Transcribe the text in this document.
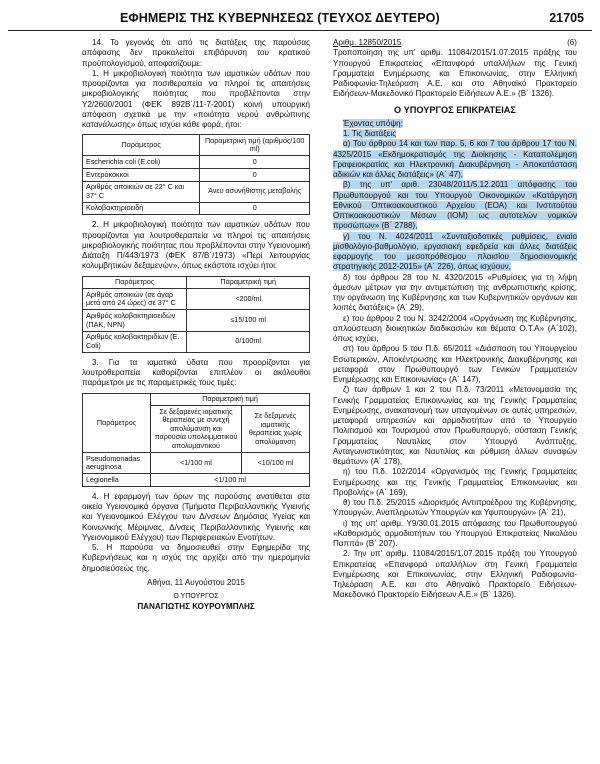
ΕΦΗΜΕΡΙΣ ΤΗΣ ΚΥΒΕΡΝΗΣΕΩΣ (ΤΕΥΧΟΣ ΔΕΥΤΕΡΟ)	21705

14. Το γεγονός ότι από τις διατάξεις της παρούσας απόφασης δεν προκαλείται επιβάρυνση του κρατικού προϋπολογισμού, αποφασίζουμε:

1. Η μικροβιολογική ποιότητα των ιαματικών υδάτων που προορίζονται για ποσιθεραπεία να πληροί τις απαιτήσεις μικροβιολογικής ποιότητας που προβλέπονται στην Υ2/2600/2001 (ΦΕΚ 892Β΄/11-7-2001) κοινή υπουργική απόφαση σχετικά με την «ποιότητα νερού ανθρώπινης κατανάλωσης» όπως ισχύει κάθε φορά, ήτοι:

Παράμετρος	Παραμετρική τιμή (αριθμός/100 ml)
Escherichia coli (E.coli)	0
Εντερόκοκκοι	0
Αριθμός αποικιών σε 22° C και 37° C	Άνευ ασυνήθιστης μεταβολής
Κολοβακτηριοειδή	0

2. Η μικροβιολογική ποιότητα των ιαματικών υδάτων που προορίζονται για λουτροθεραπεία να πληροί τις απαιτήσεις μικροβιολογικής ποιότητας που προβλέπονται στην Υγειονομική Διάταξη Π/443/1973 (ΦΕΚ 87/Β΄/1973) «Περί λειτουργίας κολυμβητικών δεξαμενών», όπως εκάστοτε ισχύει ήτοι:

Παράμετρος	Παραμετρική τιμή
Αριθμός αποικιών (σε άγαρ μετά από 24 ώρες) σε 37° C	<200/ml
Αριθμός κολοβακτηριοειδών (ΠΑΚ, NPN)	≤15/100 ml
Αριθμός κολοβακτηριδίων (E. Coli)	0/100ml

3. Για τα ιαματικά ύδατα που προορίζονται για λουτροθεραπεία καθορίζονται επιπλέον οι ακόλουθοι παράμετροι με τις παραμετρικές τους τιμές:

Παράμετρος	Παραμετρική τιμή	
	Σε δεξαμενές ιαματικής θεραπείας με συνεχή απολύμανση και παρουσία υπολειμματικού απολυμαντικού	Σε δεξαμενές ιαματικής θεραπείας χωρίς απολύμανση
Pseudomonadas aeruginosa	<1/100 ml	<10/100 ml
Legionella	<1/100 ml	

4. Η εφαρμογή των όρων της παρούσης ανατίθεται στα οικεία Υγειονομικά όργανα (Τμήματα Περιβαλλοντικής Υγιεινής και Υγειονομικού Ελέγχου των Δ/νσεων Δημόσιας Υγείας και Κοινωνικής Μέριμνας, Δ/νσεις Περιβαλλοντικής Υγιεινής και Υγειονομικού Ελέγχου) των Περιφερειακών Ενοτήτων.

5. Η παρούσα να δημοσιευθεί στην Εφημερίδα της Κυβερνήσεως και η ισχύς της αρχίζει από την ημερομηνία δημοσιεύσεώς της.

Αθήνα, 11 Αυγούστου 2015

Ο ΥΠΟΥΡΓΟΣ

ΠΑΝΑΓΙΩΤΗΣ ΚΟΥΡΟΥΜΠΛΗΣ

Αριθμ. 12850/2015	(6)

Τροποποίηση της υπ' αριθμ. 11084/2015/1.07.2015 πράξης του Υπουργού Επικρατείας «Επανφορά υπαλλήλων της Γενική Γραμματεία Ενημέρωσης και Επικοινωνίας, στην Ελληνική Ραδιοφωνία-Τηλεόραση Α.Ε. και στο Αθηναϊκό Πρακτορείο Ειδήσεων-Μακεδονικό Πρακτορείο Ειδήσεων Α.Ε.» (Β΄ 1326).

Ο ΥΠΟΥΡΓΟΣ ΕΠΙΚΡΑΤΕΙΑΣ

Έχοντας υπόψη:

1. Τις διατάξεις

α) Του άρθρου 14 και των παρ. 5, 6 και 7 του άρθρου 17 του Ν. 4325/2015 «Εκδημοκρατισμός της Διοίκησης - Καταπολέμηση Γραφειοκρατίας και Ηλεκτρονική Διακυβέρνηση - Αποκατάσταση αδικιών και άλλες διατάξεις» (Α΄ 47),

β) της υπ' αριθ. 23048/2011/5.12.2011 απόφασης του Πρωθυπουργού και του Υπουργού Οικονομικών «Κατάργηση Εθνικού Οπτικοακουστικού Αρχείου (ΕΟΑ) και Ινστιτούτου Οπτικοακουστικών Μέσων (ΙΟΜ) ως αυτοτελών νομικών προσώπων» (Β΄ 2788),

γ) του Ν. 4024/2011 «Συνταξιοδοτικές ρυθμίσεις, ενιαίο μισθολόγιο-βαθμολόγιο, εργασιακή εφεδρεία και άλλες διατάξεις εφαρμογής του μεσοπρόθεσμου πλαισίου δημοσιονομικής στρατηγικής 2012-2015» (Α΄ 226), όπως ισχύουν,

δ) του άρθρου 28 του Ν. 4320/2015 «Ρυθμίσεις για τη λήψη άμεσων μέτρων για την αντιμετώπιση της ανθρωπιστικής κρίσης, την οργάνωση της Κυβέρνησης και των Κυβερνητικών οργάνων και λοιπές διατάξεις» (Α΄ 29),

ε) του άρθρου 2 του Ν. 3242/2004 «Οργάνωση της Κυβέρνησης, απλούστευση διοικητικών διαδικασιών και θέματα Ο.Τ.Α» (Α΄102), όπως ισχύει,

στ) του άρθρου 5 του Π.δ. 65/2011 «Διάσπαση του Υπουργείου Εσωτερικών, Αποκέντρωσης και Ηλεκτρονικής Διακυβέρνησης και μεταφορά στον Πρωθυπουργό των Γενικών Γραμματειών Ενημέρωσης και Επικοινωνίας» (Α΄ 147),

ζ) των άρθρων 1 και 2 του Π.δ. 73/2011 «Μετονομασία της Γενικής Γραμματείας Επικοινωνίας και της Γενικής Γραμματείας Ενημέρωσης, ανακατανομή των υπαγομένων σε αυτές υπηρεσιών, μεταφορά υπηρεσιών και αρμοδιοτήτων από το Υπουργείο Πολιτισμού και Τουρισμού στον Πρωθυπουργό, σύσταση Γενικής Γραμματείας Ναυτιλίας στον Υπουργό Ανάπτυξης, Ανταγωνιστικότητας και Ναυτιλίας και ρύθμιση άλλων συναφών θεμάτων» (Α΄ 178),

η) του Π.δ. 102/2014 «Οργανισμός της Γενικής Γραμματείας Ενημέρωσης και της Γενικής Γραμματείας Επικοινωνίας και Προβολής» (Α΄ 169),

θ) του Π.δ. 25/2015 «Διορισμός Αντιπροέδρου της Κυβέρνησης, Υπουργών, Αναπληρωτών Υπουργών και Υφυπουργών» (Α΄ 21),

ι) της υπ' αριθμ. Υ9/30.01.2015 απόφασης του Πρωθυπουργού «Καθορισμός αρμοδιοτήτων του Υπουργού Επικρατείας Νικολάου Παππά» (Β΄ 207).

2. Την υπ' αριθμ. 11084/2015/1.07.2015 πράξη του Υπουργού Επικρατείας «Επανφορά υπαλλήλων στη Γενική Γραμματεία Ενημέρωσης και Επικοινωνίας, στην Ελληνική Ραδιοφωνία-Τηλεόραση Α.Ε. και στο Αθηναϊκό Πρακτορείο Ειδήσεων-Μακεδονικό Πρακτορείο Ειδήσεων Α.Ε.» (Β΄ 1326).
